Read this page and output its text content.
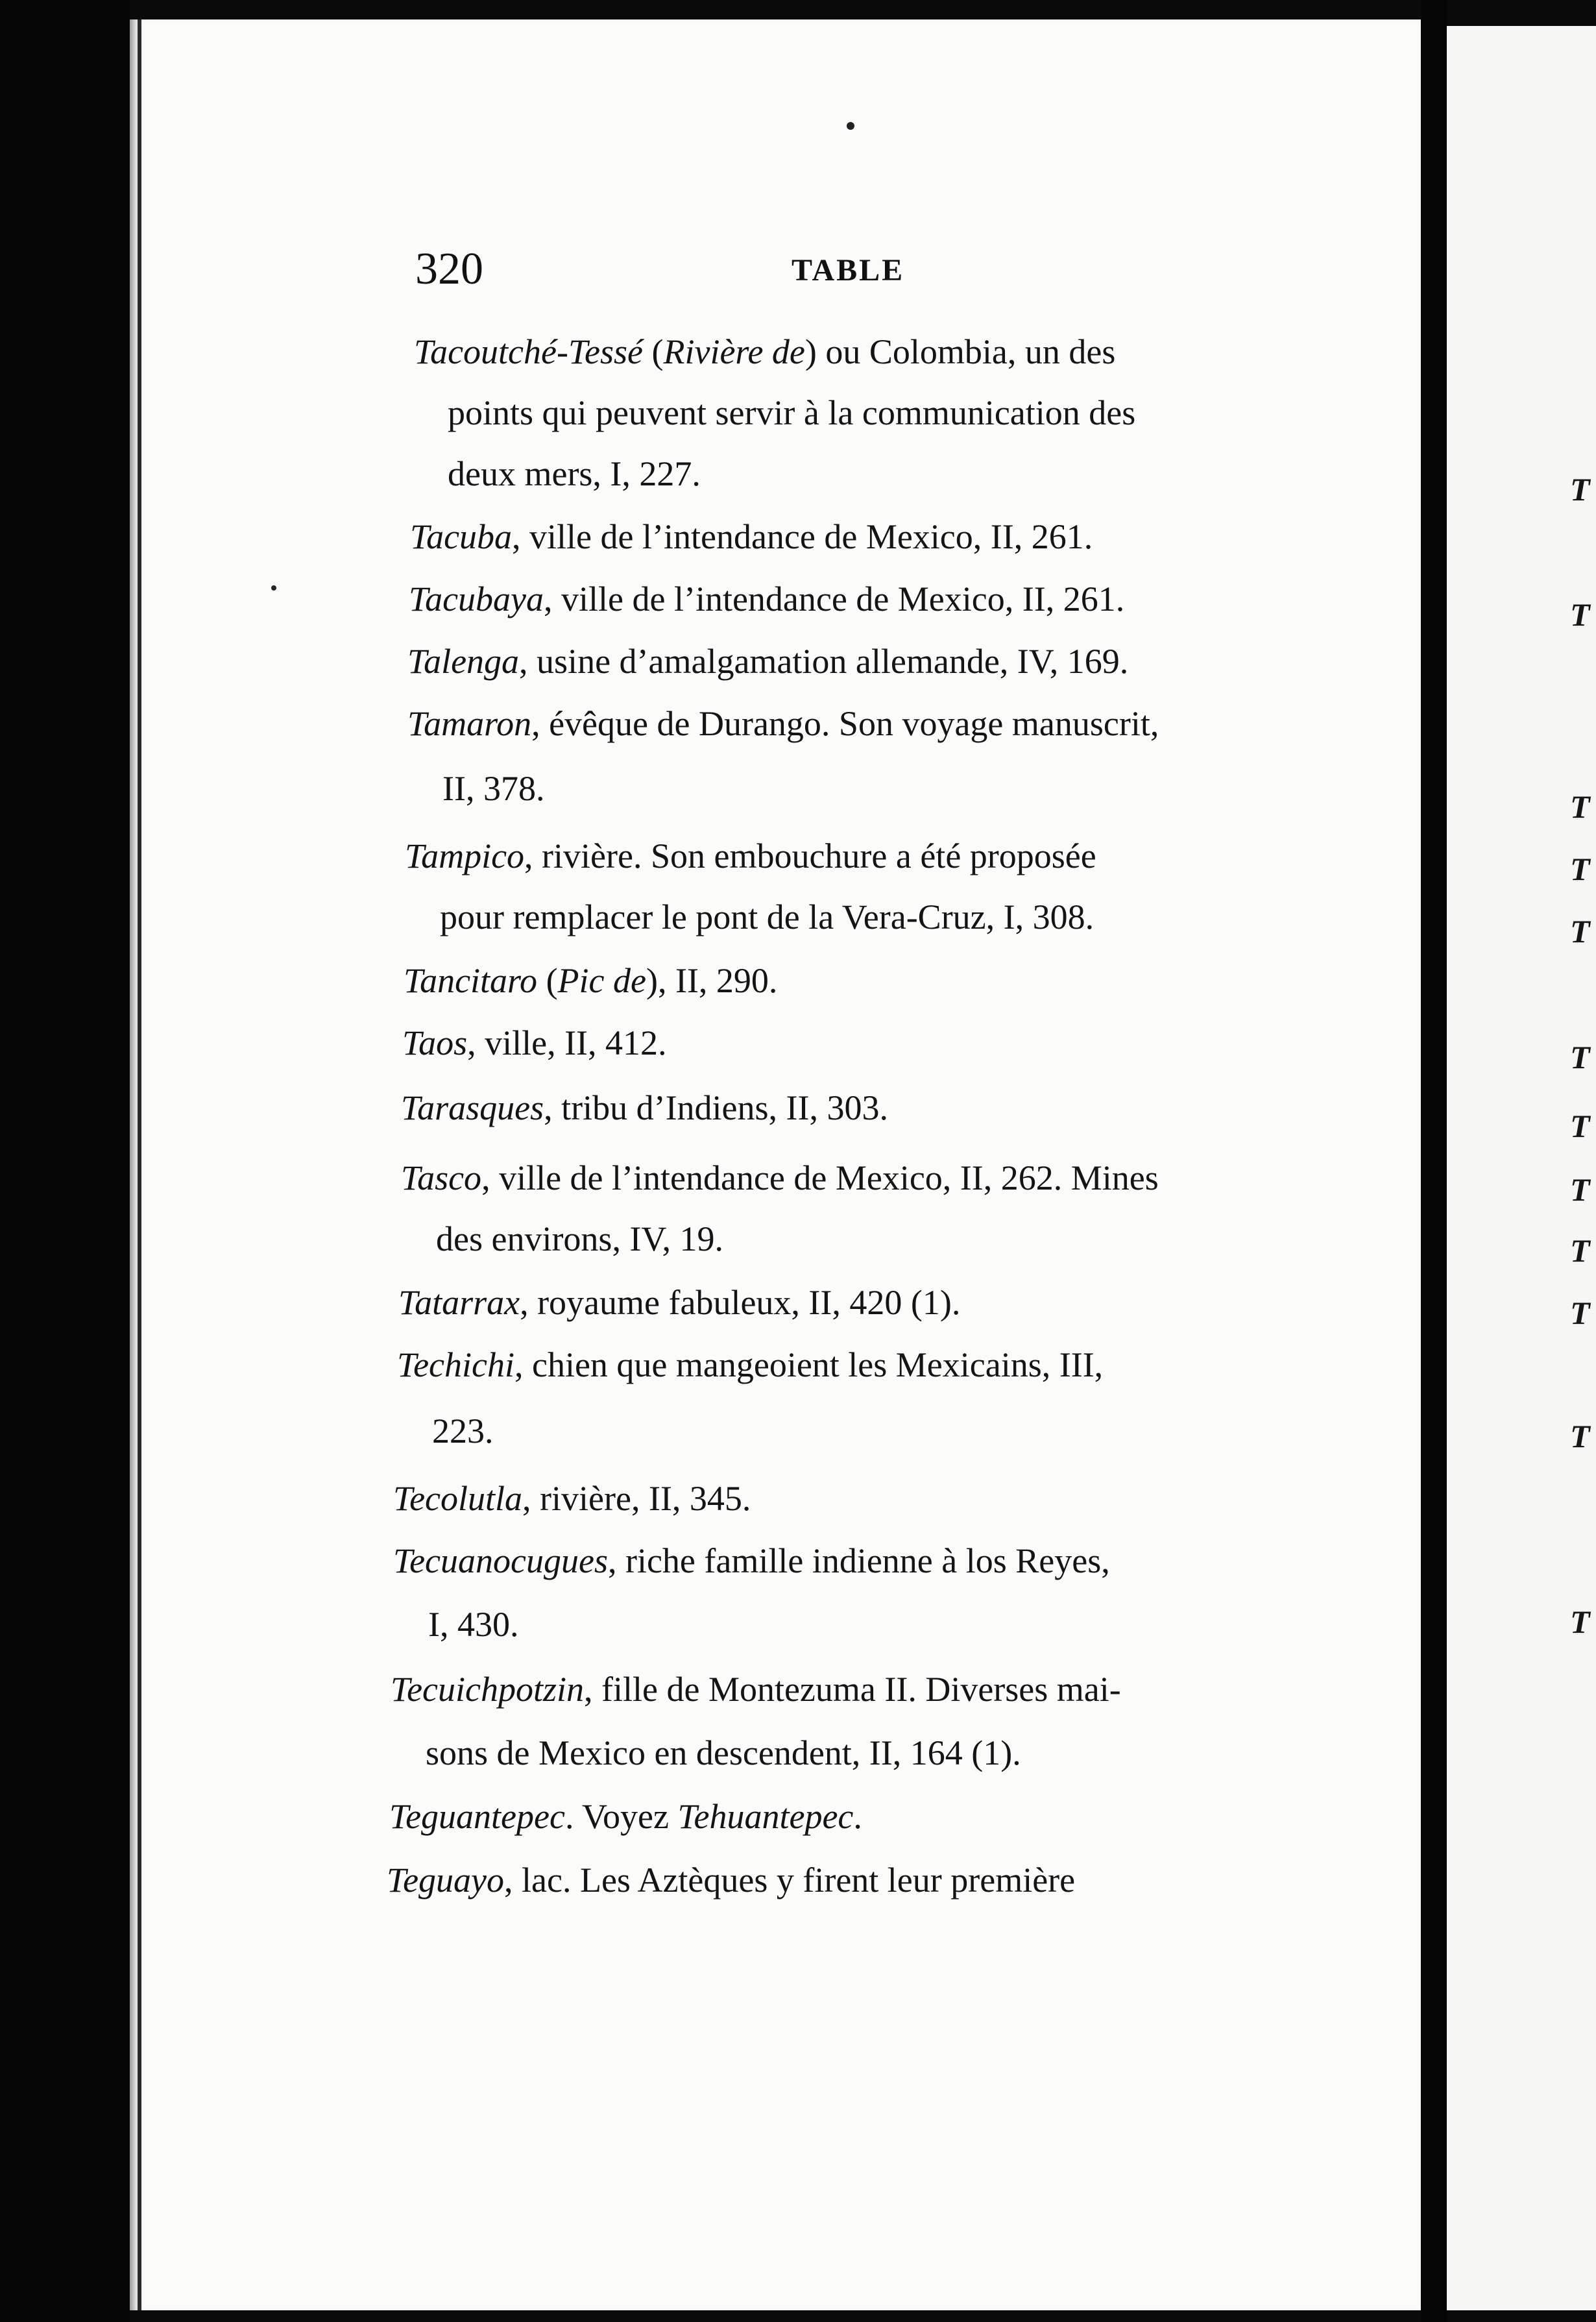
T
T
T
T
T
T
T
T
T
T
T
T
320	TABLE
Tacoutché-Tessé (Rivière de) ou Colombia, un des
points qui peuvent servir à la communication des
deux mers, I, 227.
Tacuba, ville de l’intendance de Mexico, II, 261.
Tacubaya, ville de l’intendance de Mexico, II, 261.
Talenga, usine d’amalgamation allemande, IV, 169.
Tamaron, évêque de Durango. Son voyage manuscrit,
II, 378.
Tampico, rivière. Son embouchure a été proposée
pour remplacer le pont de la Vera-Cruz, I, 308.
Tancitaro (Pic de), II, 290.
Taos, ville, II, 412.
Tarasques, tribu d’Indiens, II, 303.
Tasco, ville de l’intendance de Mexico, II, 262. Mines
des environs, IV, 19.
Tatarrax, royaume fabuleux, II, 420 (1).
Techichi, chien que mangeoient les Mexicains, III,
223.
Tecolutla, rivière, II, 345.
Tecuanocugues, riche famille indienne à los Reyes,
I, 430.
Tecuichpotzin, fille de Montezuma II. Diverses mai-
sons de Mexico en descendent, II, 164 (1).
Teguantepec. Voyez Tehuantepec.
Teguayo, lac. Les Aztèques y firent leur première
